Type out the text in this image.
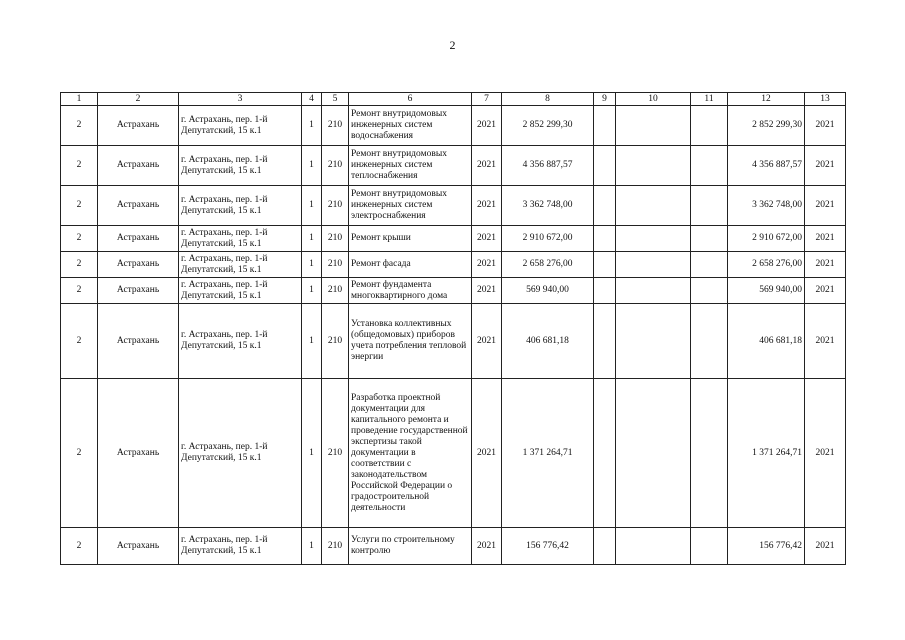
2
1	2	3	4	5	6	7	8	9	10	11	12	13
2	Астрахань	г. Астрахань, пер. 1-й Депутатский, 15 к.1	1	210	Ремонт внутридомовых инженерных систем водоснабжения	2021	2 852 299,30				2 852 299,30	2021
2	Астрахань	г. Астрахань, пер. 1-й Депутатский, 15 к.1	1	210	Ремонт внутридомовых инженерных систем теплоснабжения	2021	4 356 887,57				4 356 887,57	2021
2	Астрахань	г. Астрахань, пер. 1-й Депутатский, 15 к.1	1	210	Ремонт внутридомовых инженерных систем электроснабжения	2021	3 362 748,00				3 362 748,00	2021
2	Астрахань	г. Астрахань, пер. 1-й Депутатский, 15 к.1	1	210	Ремонт крыши	2021	2 910 672,00				2 910 672,00	2021
2	Астрахань	г. Астрахань, пер. 1-й Депутатский, 15 к.1	1	210	Ремонт фасада	2021	2 658 276,00				2 658 276,00	2021
2	Астрахань	г. Астрахань, пер. 1-й Депутатский, 15 к.1	1	210	Ремонт фундамента многоквартирного дома	2021	569 940,00				569 940,00	2021
2	Астрахань	г. Астрахань, пер. 1-й Депутатский, 15 к.1	1	210	Установка коллективных (общедомовых) приборов учета потребления тепловой энергии	2021	406 681,18				406 681,18	2021
2	Астрахань	г. Астрахань, пер. 1-й Депутатский, 15 к.1	1	210	Разработка проектной документации для капитального ремонта и проведение государственной экспертизы такой документации в соответствии с законодательством Российской Федерации о градостроительной деятельности	2021	1 371 264,71				1 371 264,71	2021
2	Астрахань	г. Астрахань, пер. 1-й Депутатский, 15 к.1	1	210	Услуги по строительному контролю	2021	156 776,42				156 776,42	2021
